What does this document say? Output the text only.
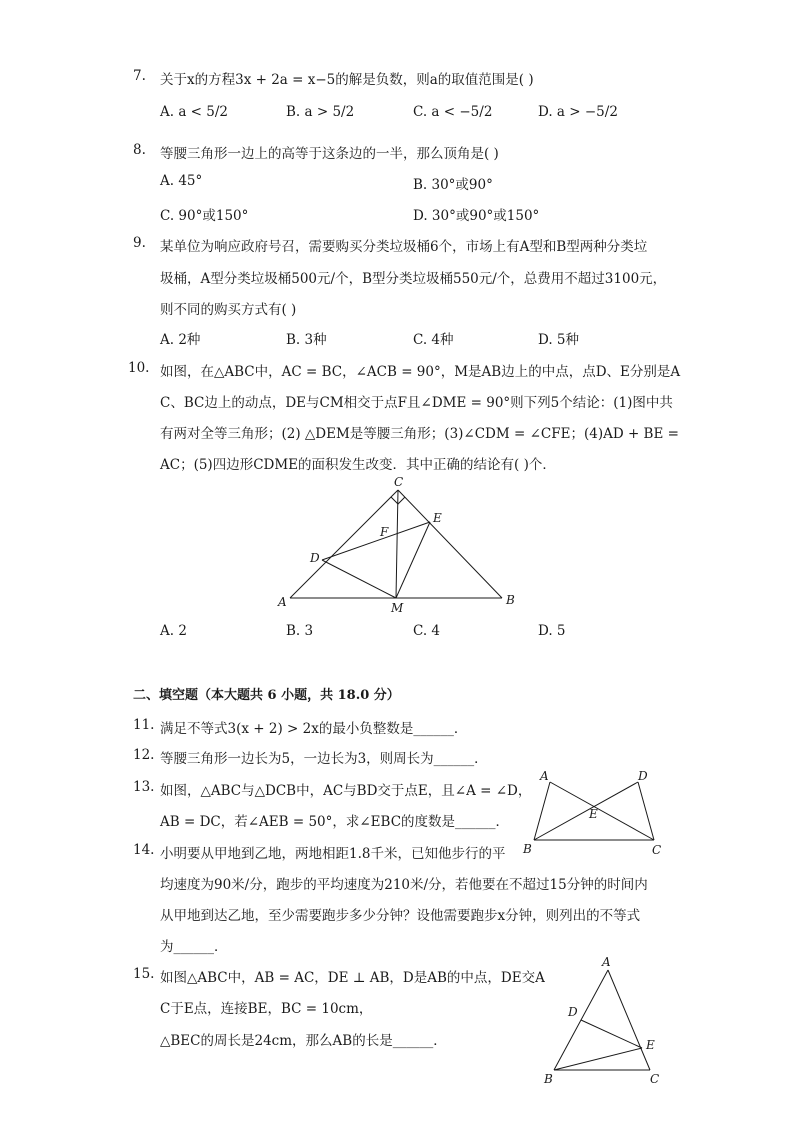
7. 关于x的方程3x + 2a = x−5的解是负数，则a的取值范围是( )
A. a < 5/2	B. a > 5/2	C. a < −5/2	D. a > −5/2
8. 等腰三角形一边上的高等于这条边的一半，那么顶角是( )
A. 45°	B. 30°或90°
C. 90°或150°	D. 30°或90°或150°
9. 某单位为响应政府号召，需要购买分类垃圾桶6个，市场上有A型和B型两种分类垃
圾桶，A型分类垃圾桶500元/个，B型分类垃圾桶550元/个，总费用不超过3100元，
则不同的购买方式有( )
A. 2种	B. 3种	C. 4种	D. 5种
10. 如图，在△ABC中，AC = BC，∠ACB = 90°，M是AB边上的中点，点D、E分别是A
C、BC边上的动点，DE与CM相交于点F且∠DME = 90°则下列5个结论：(1)图中共
有两对全等三角形；(2) △DEM是等腰三角形；(3)∠CDM = ∠CFE；(4)AD + BE =
AC；(5)四边形CDME的面积发生改变．其中正确的结论有( )个．
C
E
F
D
A	M
B
A. 2	B. 3	C. 4	D. 5
二、填空题（本大题共 6 小题，共 18.0 分）
11. 满足不等式3(x + 2) > 2x的最小负整数是______．
12. 等腰三角形一边长为5，一边长为3，则周长为______．
13. 如图，△ABC与△DCB中，AC与BD交于点E，且∠A = ∠D，
AB = DC，若∠AEB = 50°，求∠EBC的度数是______．
A	D
E
B	C
14. 小明要从甲地到乙地，两地相距1.8千米，已知他步行的平
均速度为90米/分，跑步的平均速度为210米/分，若他要在不超过15分钟的时间内
从甲地到达乙地，至少需要跑步多少分钟？设他需要跑步x分钟，则列出的不等式
为______．
15. 如图△ABC中，AB = AC，DE ⊥ AB，D是AB的中点，DE交A
C于E点，连接BE，BC = 10cm，
△BEC的周长是24cm，那么AB的长是______．
A
D
E
B	C
